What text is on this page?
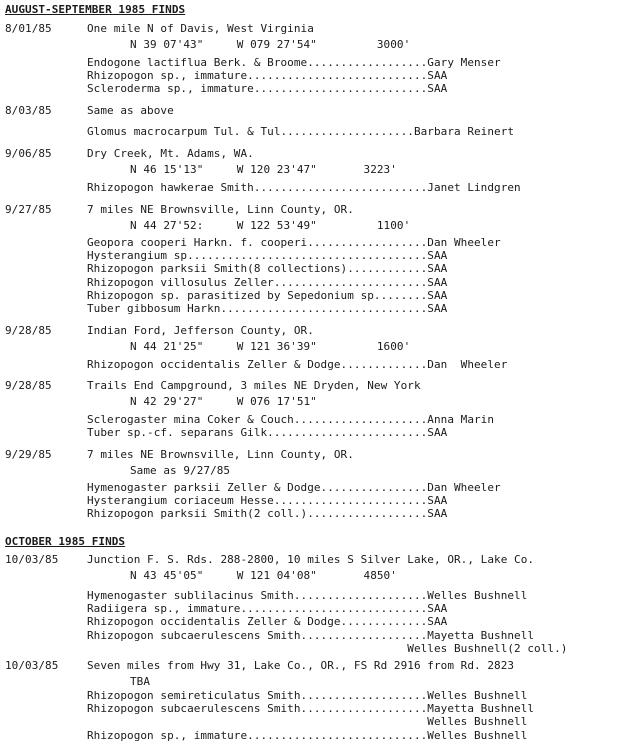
AUGUST-SEPTEMBER 1985 FINDS
8/01/85	One mile N of Davis, West Virginia
N 39 07'43"     W 079 27'54"         3000'
Endogone lactiflua Berk. & Broome..................Gary Menser
Rhizopogon sp., immature...........................SAA
Scleroderma sp., immature..........................SAA
8/03/85	Same as above
Glomus macrocarpum Tul. & Tul....................Barbara Reinert
9/06/85	Dry Creek, Mt. Adams, WA.
N 46 15'13"     W 120 23'47"       3223'
Rhizopogon hawkerae Smith..........................Janet Lindgren
9/27/85	7 miles NE Brownsville, Linn County, OR.
N 44 27'52:     W 122 53'49"         1100'
Geopora cooperi Harkn. f. cooperi..................Dan Wheeler
Hysterangium sp....................................SAA
Rhizopogon parksii Smith(8 collections)............SAA
Rhizopogon villosulus Zeller.......................SAA
Rhizopogon sp. parasitized by Sepedonium sp........SAA
Tuber gibbosum Harkn...............................SAA
9/28/85	Indian Ford, Jefferson County, OR.
N 44 21'25"     W 121 36'39"         1600'
Rhizopogon occidentalis Zeller & Dodge.............Dan  Wheeler
9/28/85	Trails End Campground, 3 miles NE Dryden, New York
N 42 29'27"     W 076 17'51"
Sclerogaster mina Coker & Couch....................Anna Marin
Tuber sp.-cf. separans Gilk........................SAA
9/29/85	7 miles NE Brownsville, Linn County, OR.
Same as 9/27/85
Hymenogaster parksii Zeller & Dodge................Dan Wheeler
Hysterangium coriaceum Hesse.......................SAA
Rhizopogon parksii Smith(2 coll.)..................SAA
OCTOBER 1985 FINDS
10/03/85	Junction F. S. Rds. 288-2800, 10 miles S Silver Lake, OR., Lake Co.
N 43 45'05"     W 121 04'08"       4850'
Hymenogaster sublilacinus Smith....................Welles Bushnell
Radiigera sp., immature............................SAA
Rhizopogon occidentalis Zeller & Dodge.............SAA
Rhizopogon subcaerulescens Smith...................Mayetta Bushnell
Welles Bushnell(2 coll.)
10/03/85	Seven miles from Hwy 31, Lake Co., OR., FS Rd 2916 from Rd. 2823
TBA
Rhizopogon semireticulatus Smith...................Welles Bushnell
Rhizopogon subcaerulescens Smith...................Mayetta Bushnell
Welles Bushnell
Rhizopogon sp., immature...........................Welles Bushnell
